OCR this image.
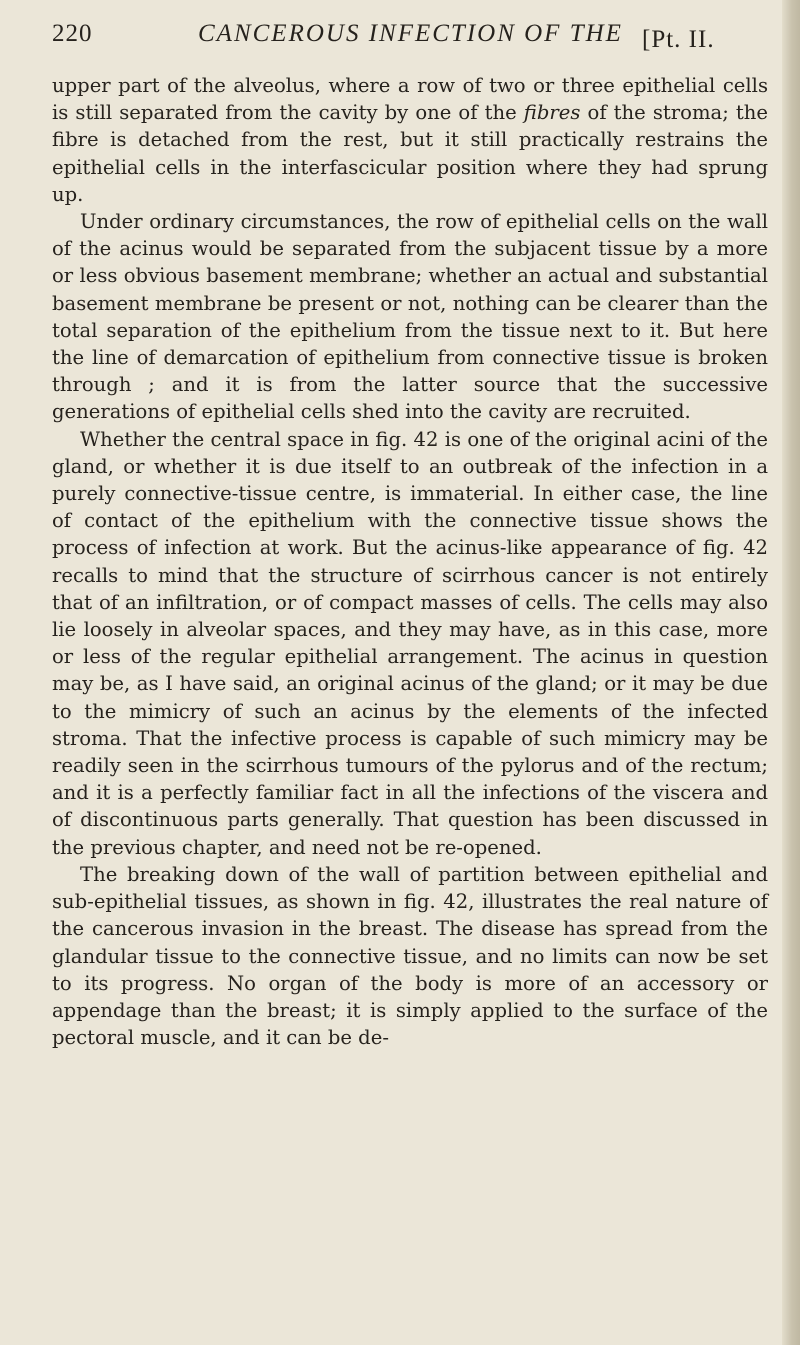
220	CANCEROUS INFECTION OF THE [Pt. II.

upper part of the alveolus, where a row of two or three epithelial cells is still separated from the cavity by one of the fibres of the stroma; the fibre is detached from the rest, but it still practically restrains the epithelial cells in the interfascicular position where they had sprung up.

Under ordinary circumstances, the row of epithelial cells on the wall of the acinus would be separated from the subjacent tissue by a more or less obvious basement membrane; whether an actual and substantial basement membrane be present or not, nothing can be clearer than the total separation of the epithelium from the tissue next to it. But here the line of demarcation of epithelium from connective tissue is broken through ; and it is from the latter source that the successive generations of epithelial cells shed into the cavity are recruited.

Whether the central space in fig. 42 is one of the original acini of the gland, or whether it is due itself to an outbreak of the infection in a purely connective-tissue centre, is immaterial. In either case, the line of contact of the epithelium with the connective tissue shows the process of infection at work. But the acinus-like appearance of fig. 42 recalls to mind that the structure of scirrhous cancer is not entirely that of an infiltration, or of compact masses of cells. The cells may also lie loosely in alveolar spaces, and they may have, as in this case, more or less of the regular epithelial arrangement. The acinus in question may be, as I have said, an original acinus of the gland; or it may be due to the mimicry of such an acinus by the elements of the infected stroma. That the infective process is capable of such mimicry may be readily seen in the scirrhous tumours of the pylorus and of the rectum; and it is a perfectly familiar fact in all the infections of the viscera and of discontinuous parts generally. That question has been discussed in the previous chapter, and need not be re-opened.

The breaking down of the wall of partition between epithelial and sub-epithelial tissues, as shown in fig. 42, illustrates the real nature of the cancerous invasion in the breast. The disease has spread from the glandular tissue to the connective tissue, and no limits can now be set to its progress. No organ of the body is more of an accessory or appendage than the breast; it is simply applied to the surface of the pectoral muscle, and it can be de-
